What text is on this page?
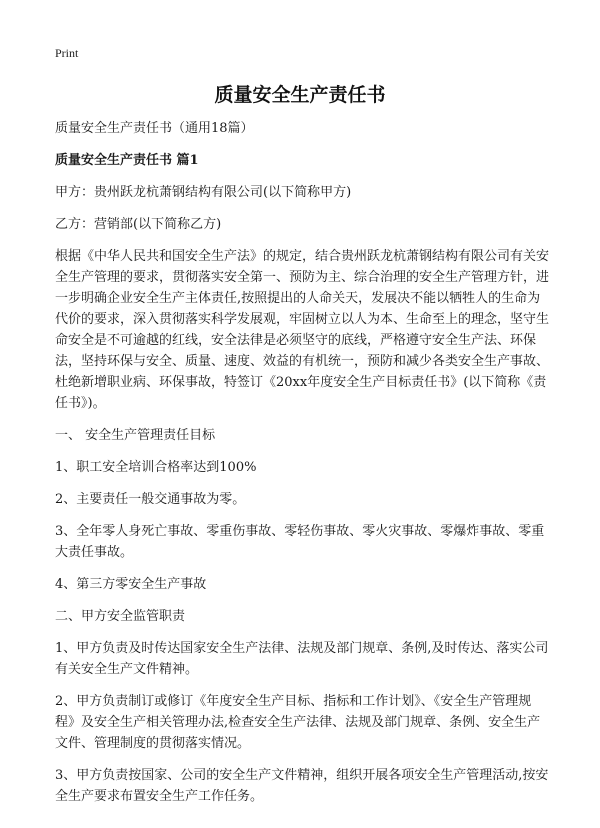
Print
质量安全生产责任书

质量安全生产责任书（通用18篇）

质量安全生产责任书 篇1

甲方：贵州跃龙杭萧钢结构有限公司(以下简称甲方)

乙方：营销部(以下简称乙方)

根据《中华人民共和国安全生产法》的规定，结合贵州跃龙杭萧钢结构有限公司有关安全生产管理的要求，贯彻落实安全第一、预防为主、综合治理的安全生产管理方针，进一步明确企业安全生产主体责任,按照提出的人命关天，发展决不能以牺牲人的生命为代价的要求，深入贯彻落实科学发展观，牢固树立以人为本、生命至上的理念，坚守生命安全是不可逾越的红线，安全法律是必须坚守的底线，严格遵守安全生产法、环保法，坚持环保与安全、质量、速度、效益的有机统一，预防和减少各类安全生产事故、杜绝新增职业病、环保事故，特签订《20xx年度安全生产目标责任书》(以下简称《责任书》)。

一、 安全生产管理责任目标

1、职工安全培训合格率达到100%

2、主要责任一般交通事故为零。

3、全年零人身死亡事故、零重伤事故、零轻伤事故、零火灾事故、零爆炸事故、零重大责任事故。

4、第三方零安全生产事故

二、甲方安全监管职责

1、甲方负责及时传达国家安全生产法律、法规及部门规章、条例,及时传达、落实公司有关安全生产文件精神。

2、甲方负责制订或修订《年度安全生产目标、指标和工作计划》、《安全生产管理规程》及安全生产相关管理办法,检查安全生产法律、法规及部门规章、条例、安全生产文件、管理制度的贯彻落实情况。

3、甲方负责按国家、公司的安全生产文件精神，组织开展各项安全生产管理活动,按安全生产要求布置安全生产工作任务。
